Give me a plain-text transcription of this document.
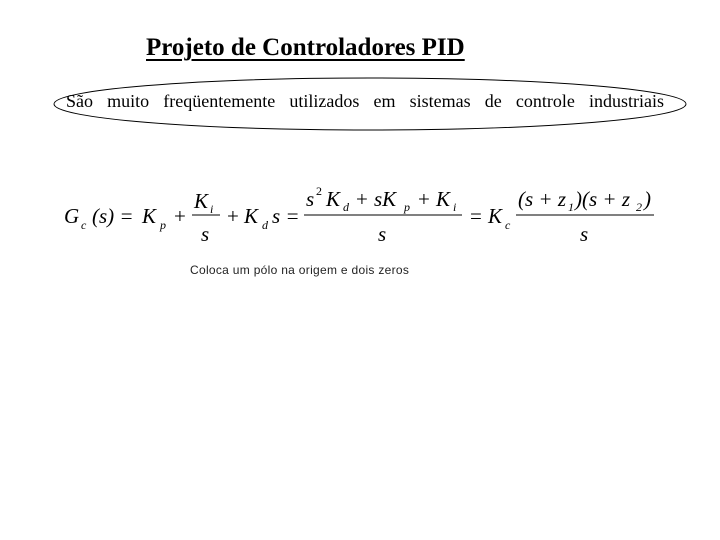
Projeto de Controladores PID
São muito freqüentemente utilizados em sistemas de controle industriais
G c (s) = K p +
K i
s
+ K d s =
s 2 K d + sK p + K i
s
= K c
(s + z 1 )(s + z 2 )
s
Coloca um pólo na origem e dois zeros
